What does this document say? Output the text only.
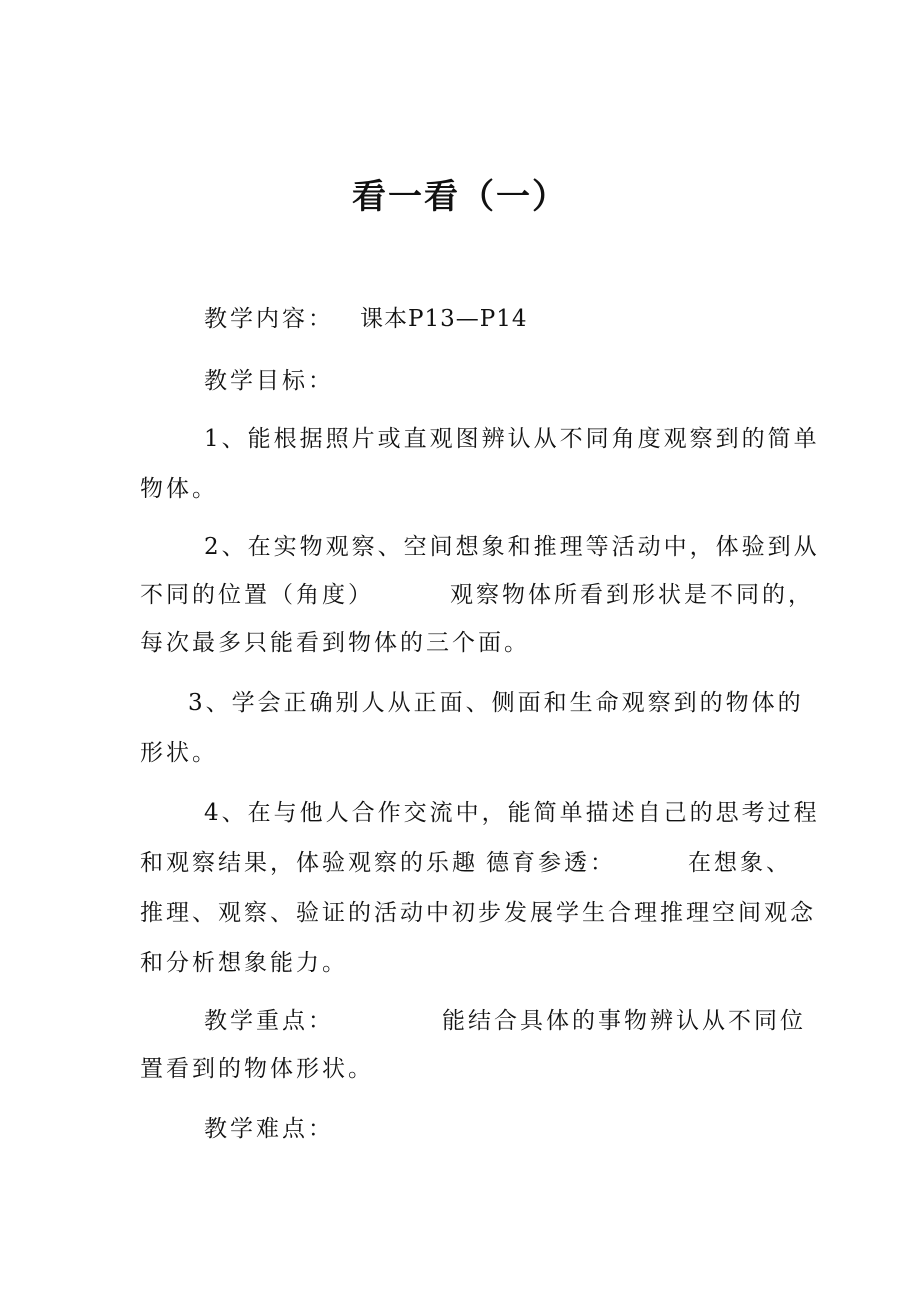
看一看（一）
教学内容： 课本P13—P14
教学目标：
1、能根据照片或直观图辨认从不同角度观察到的简单
物体。
2、在实物观察、空间想象和推理等活动中，体验到从
不同的位置（角度）	观察物体所看到形状是不同的，
每次最多只能看到物体的三个面。
3、学会正确别人从正面、侧面和生命观察到的物体的
形状。
4、在与他人合作交流中，能简单描述自己的思考过程
和观察结果，体验观察的乐趣 德育参透：	在想象、
推理、观察、验证的活动中初步发展学生合理推理空间观念
和分析想象能力。
教学重点：	能结合具体的事物辨认从不同位
置看到的物体形状。
教学难点：
